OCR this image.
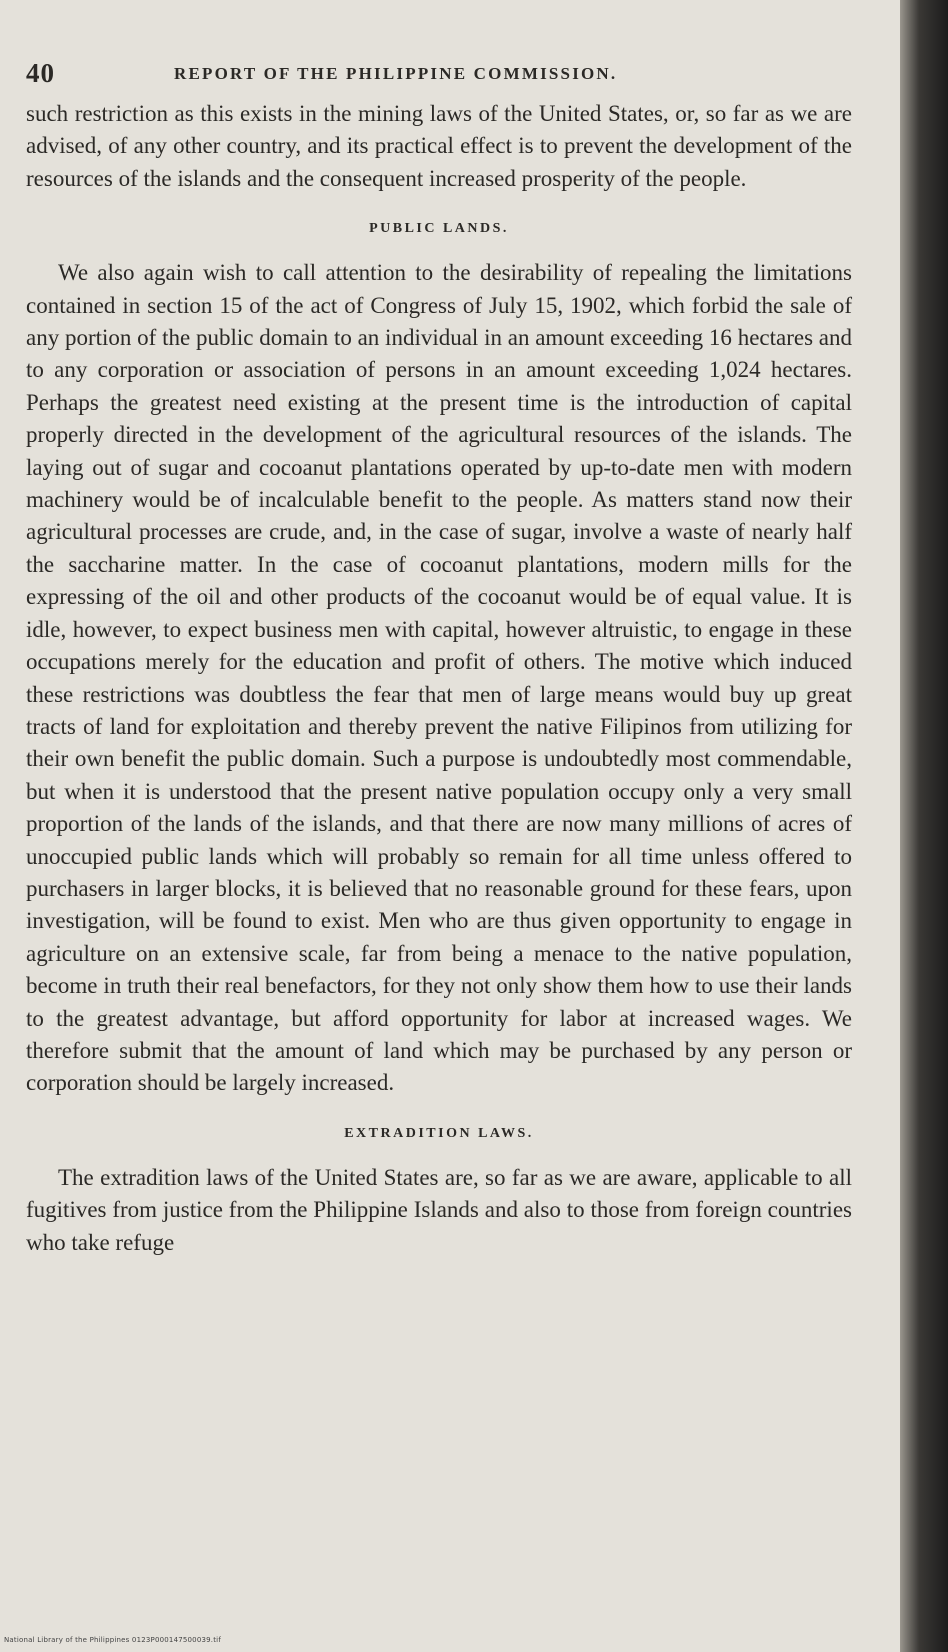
40	REPORT OF THE PHILIPPINE COMMISSION.

such restriction as this exists in the mining laws of the United States, or, so far as we are advised, of any other country, and its practical effect is to prevent the development of the resources of the islands and the consequent increased prosperity of the people.

PUBLIC LANDS.

We also again wish to call attention to the desirability of repealing the limitations contained in section 15 of the act of Congress of July 15, 1902, which forbid the sale of any portion of the public domain to an individual in an amount exceeding 16 hectares and to any corporation or association of persons in an amount exceeding 1,024 hectares. Perhaps the greatest need existing at the present time is the introduction of capital properly directed in the development of the agricultural resources of the islands. The laying out of sugar and cocoanut plantations operated by up-to-date men with modern machinery would be of incalculable benefit to the people. As matters stand now their agricultural processes are crude, and, in the case of sugar, involve a waste of nearly half the saccharine matter. In the case of cocoanut plantations, modern mills for the expressing of the oil and other products of the cocoanut would be of equal value. It is idle, however, to expect business men with capital, however altruistic, to engage in these occupations merely for the education and profit of others. The motive which induced these restrictions was doubtless the fear that men of large means would buy up great tracts of land for exploitation and thereby prevent the native Filipinos from utilizing for their own benefit the public domain. Such a purpose is undoubtedly most commendable, but when it is understood that the present native population occupy only a very small proportion of the lands of the islands, and that there are now many millions of acres of unoccupied public lands which will probably so remain for all time unless offered to purchasers in larger blocks, it is believed that no reasonable ground for these fears, upon investigation, will be found to exist. Men who are thus given opportunity to engage in agriculture on an extensive scale, far from being a menace to the native population, become in truth their real benefactors, for they not only show them how to use their lands to the greatest advantage, but afford opportunity for labor at increased wages. We therefore submit that the amount of land which may be purchased by any person or corporation should be largely increased.

EXTRADITION LAWS.

The extradition laws of the United States are, so far as we are aware, applicable to all fugitives from justice from the Philippine Islands and also to those from foreign countries who take refuge

National Library of the Philippines 0123P000147500039.tif
